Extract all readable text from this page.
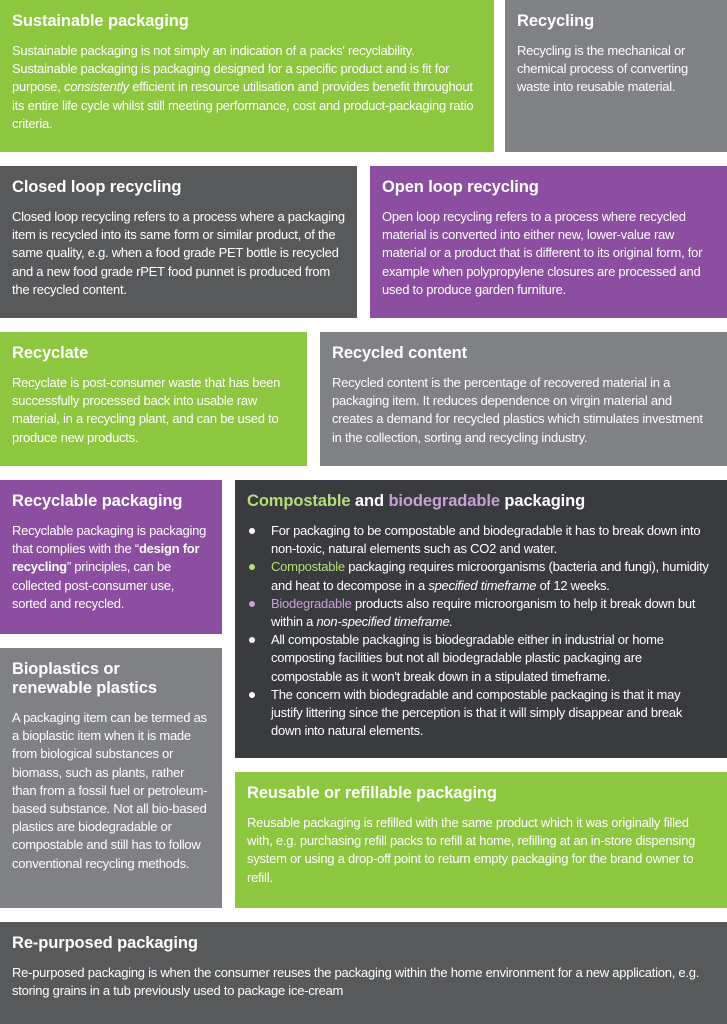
Sustainable packaging

Sustainable packaging is not simply an indication of a packs' recyclability. Sustainable packaging is packaging designed for a specific product and is fit for purpose, consistently efficient in resource utilisation and provides benefit throughout its entire life cycle whilst still meeting performance, cost and product-packaging ratio criteria.

Recycling

Recycling is the mechanical or chemical process of converting waste into reusable material.

Closed loop recycling

Closed loop recycling refers to a process where a packaging item is recycled into its same form or similar product, of the same quality, e.g. when a food grade PET bottle is recycled and a new food grade rPET food punnet is produced from the recycled content.

Open loop recycling

Open loop recycling refers to a process where recycled material is converted into either new, lower-value raw material or a product that is different to its original form, for example when polypropylene closures are processed and used to produce garden furniture.

Recyclate

Recyclate is post-consumer waste that has been successfully processed back into usable raw material, in a recycling plant, and can be used to produce new products.

Recycled content

Recycled content is the percentage of recovered material in a packaging item. It reduces dependence on virgin material and creates a demand for recycled plastics which stimulates investment in the collection, sorting and recycling industry.

Recyclable packaging

Recyclable packaging is packaging that complies with the “design for recycling” principles, can be collected post-consumer use, sorted and recycled.

Compostable and biodegradable packaging
For packaging to be compostable and biodegradable it has to break down into non-toxic, natural elements such as CO2 and water.
Compostable packaging requires microorganisms (bacteria and fungi), humidity and heat to decompose in a specified timeframe of 12 weeks.
Biodegradable products also require microorganism to help it break down but within a non-specified timeframe.
All compostable packaging is biodegradable either in industrial or home composting facilities but not all biodegradable plastic packaging are compostable as it won't break down in a stipulated timeframe.
The concern with biodegradable and compostable packaging is that it may justify littering since the perception is that it will simply disappear and break down into natural elements.
Bioplastics or renewable plastics

A packaging item can be termed as a bioplastic item when it is made from biological substances or biomass, such as plants, rather than from a fossil fuel or petroleum-based substance. Not all bio-based plastics are biodegradable or compostable and still has to follow conventional recycling methods.

Reusable or refillable packaging

Reusable packaging is refilled with the same product which it was originally filled with, e.g. purchasing refill packs to refill at home, refilling at an in-store dispensing system or using a drop-off point to return empty packaging for the brand owner to refill.

Re-purposed packaging

Re-purposed packaging is when the consumer reuses the packaging within the home environment for a new application, e.g. storing grains in a tub previously used to package ice-cream
